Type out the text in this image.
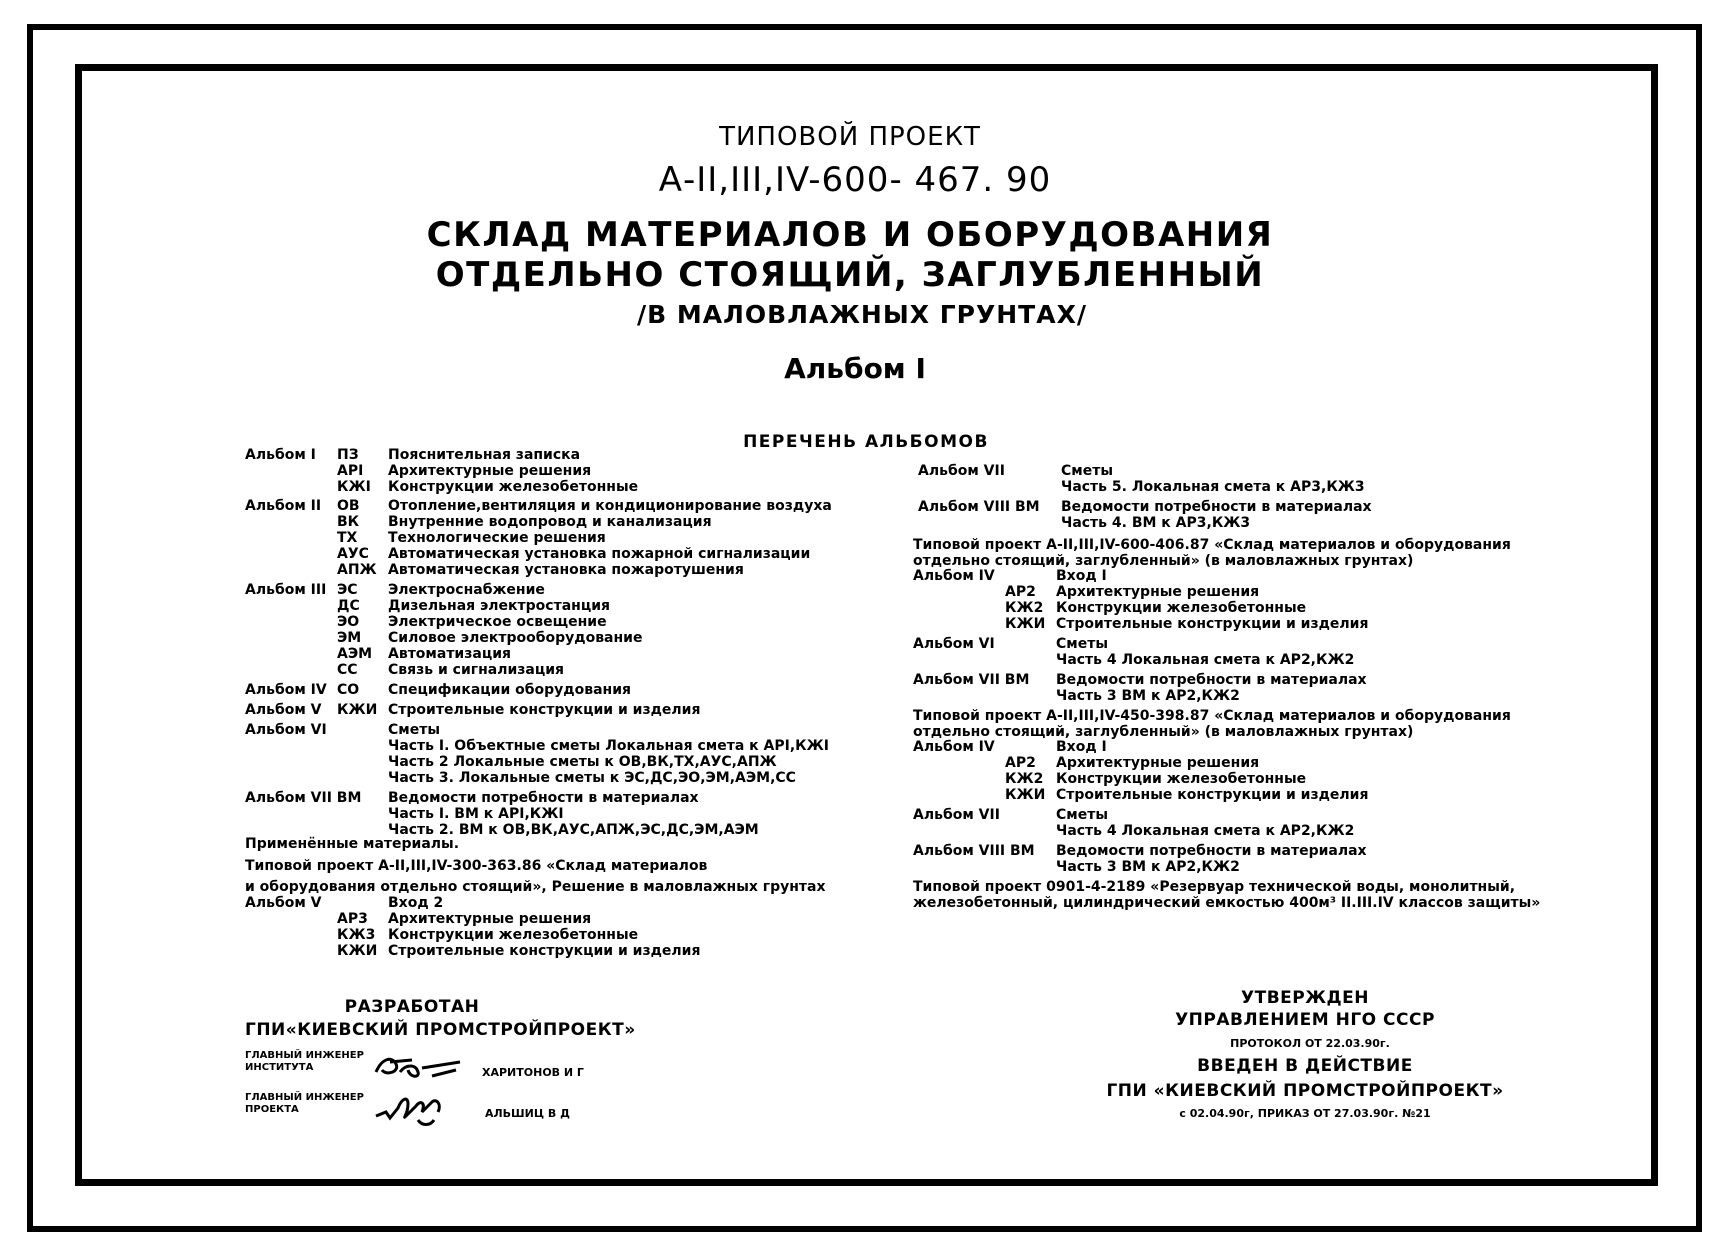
ТИПОВОЙ ПРОЕКТ
А-II,III,IV-600- 467. 90
СКЛАД МАТЕРИАЛОВ И ОБОРУДОВАНИЯ
ОТДЕЛЬНО СТОЯЩИЙ, ЗАГЛУБЛЕННЫЙ
/В МАЛОВЛАЖНЫХ ГРУНТАХ/
Альбом I
ПЕРЕЧЕНЬ АЛЬБОМОВ
Альбом I ПЗ Пояснительная записка
АРI Архитектурные решения
КЖI Конструкции железобетонные
Альбом II ОВ Отопление,вентиляция и кондиционирование воздуха
ВК Внутренние водопровод и канализация
ТХ Технологические решения
АУС Автоматическая установка пожарной сигнализации
АПЖ Автоматическая установка пожаротушения
Альбом III ЭС Электроснабжение
ДС Дизельная электростанция
ЭО Электрическое освещение
ЭМ Силовое электрооборудование
АЭМ Автоматизация
СС Связь и сигнализация
Альбом IV СО Спецификации оборудования
Альбом V КЖИ Строительные конструкции и изделия
Альбом VI	Сметы
Часть I. Объектные сметы Локальная смета к АРI,КЖI
Часть 2 Локальные сметы к ОВ,ВК,ТХ,АУС,АПЖ
Часть 3. Локальные сметы к ЭС,ДС,ЭО,ЭМ,АЭМ,СС
Альбом VII ВМ Ведомости потребности в материалах
Часть I. ВМ к АРI,КЖI
Часть 2. ВМ к ОВ,ВК,АУС,АПЖ,ЭС,ДС,ЭМ,АЭМ
Применённые материалы.
Типовой проект А-II,III,IV-300-363.86 «Склад материалов
и оборудования отдельно стоящий», Решение в маловлажных грунтах
Альбом V	Вход 2
АР3 Архитектурные решения
КЖ3 Конструкции железобетонные
КЖИ Строительные конструкции и изделия
Альбом VII	Сметы
Часть 5. Локальная смета к АР3,КЖ3
Альбом VIII ВМ Ведомости потребности в материалах
Часть 4. ВМ к АР3,КЖ3
Типовой проект А-II,III,IV-600-406.87 «Склад материалов и оборудования
отдельно стоящий, заглубленный» (в маловлажных грунтах)
Альбом IV	Вход I
АР2 Архитектурные решения
КЖ2 Конструкции железобетонные
КЖИ Строительные конструкции и изделия
Альбом VI	Сметы
Часть 4 Локальная смета к АР2,КЖ2
Альбом VII ВМ Ведомости потребности в материалах
Часть 3 ВМ к АР2,КЖ2
Типовой проект А-II,III,IV-450-398.87 «Склад материалов и оборудования
отдельно стоящий, заглубленный» (в маловлажных грунтах)
Альбом IV	Вход I
АР2 Архитектурные решения
КЖ2 Конструкции железобетонные
КЖИ Строительные конструкции и изделия
Альбом VII	Сметы
Часть 4 Локальная смета к АР2,КЖ2
Альбом VIII ВМ Ведомости потребности в материалах
Часть 3 ВМ к АР2,КЖ2
Типовой проект 0901-4-2189 «Резервуар технической воды, монолитный,
железобетонный, цилиндрический емкостью 400м³ II.III.IV классов защиты»
РАЗРАБОТАН
ГПИ«КИЕВСКИЙ ПРОМСТРОЙПРОЕКТ»
ГЛАВНЫЙ ИНЖЕНЕР
ИНСТИТУТА	ХАРИТОНОВ И Г
ГЛАВНЫЙ ИНЖЕНЕР
ПРОЕКТА	АЛЬШИЦ В Д
УТВЕРЖДЕН
УПРАВЛЕНИЕМ НГО СССР
ПРОТОКОЛ ОТ 22.03.90г.
ВВЕДЕН В ДЕЙСТВИЕ
ГПИ «КИЕВСКИЙ ПРОМСТРОЙПРОЕКТ»
с 02.04.90г, ПРИКАЗ ОТ 27.03.90г. №21
